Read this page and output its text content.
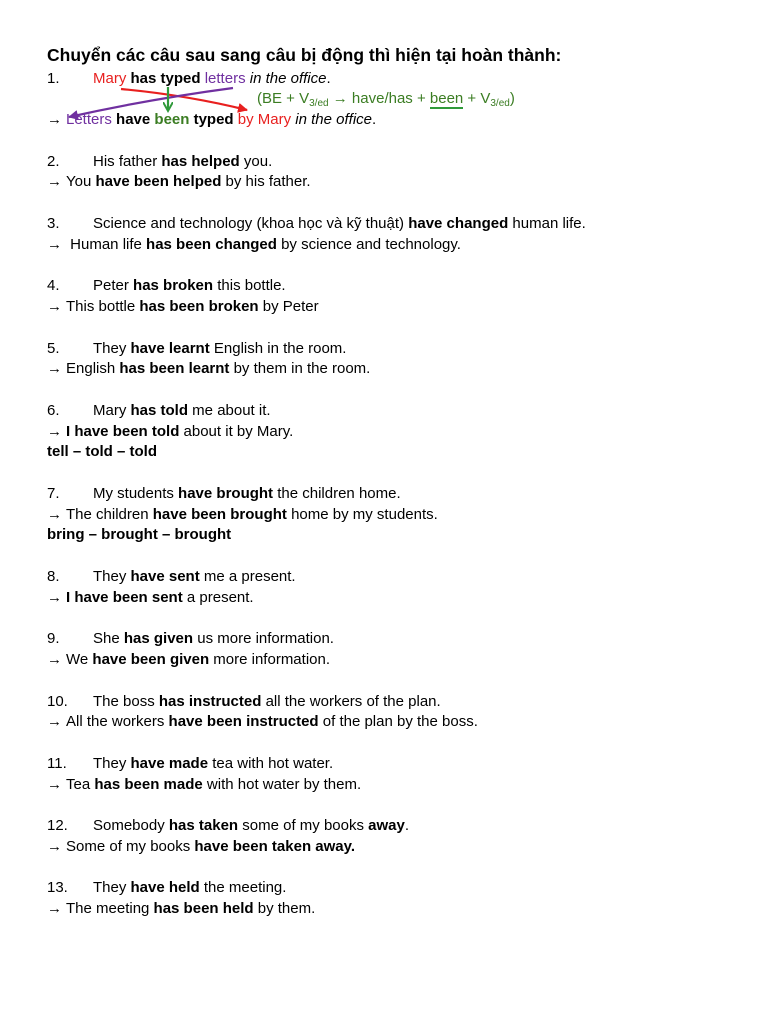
Chuyển các câu sau sang câu bị động thì hiện tại hoàn thành:
1. Mary has typed letters in the office.
($BE + V_{3/ed}$ → have/has + been + $V_{3/ed}$)
→ Letters have been typed by Mary in the office.
2. His father has helped you.
→ You have been helped by his father.
3. Science and technology (khoa học và kỹ thuật) have changed human life.
→ Human life has been changed by science and technology.
4. Peter has broken this bottle.
→ This bottle has been broken by Peter
5. They have learnt English in the room.
→ English has been learnt by them in the room.
6. Mary has told me about it.
→ I have been told about it by Mary.
tell – told – told
7. My students have brought the children home.
→ The children have been brought home by my students.
bring – brought – brought
8. They have sent me a present.
→ I have been sent a present.
9. She has given us more information.
→ We have been given more information.
10. The boss has instructed all the workers of the plan.
→ All the workers have been instructed of the plan by the boss.
11. They have made tea with hot water.
→ Tea has been made with hot water by them.
12. Somebody has taken some of my books away.
→ Some of my books have been taken away.
13. They have held the meeting.
→ The meeting has been held by them.
